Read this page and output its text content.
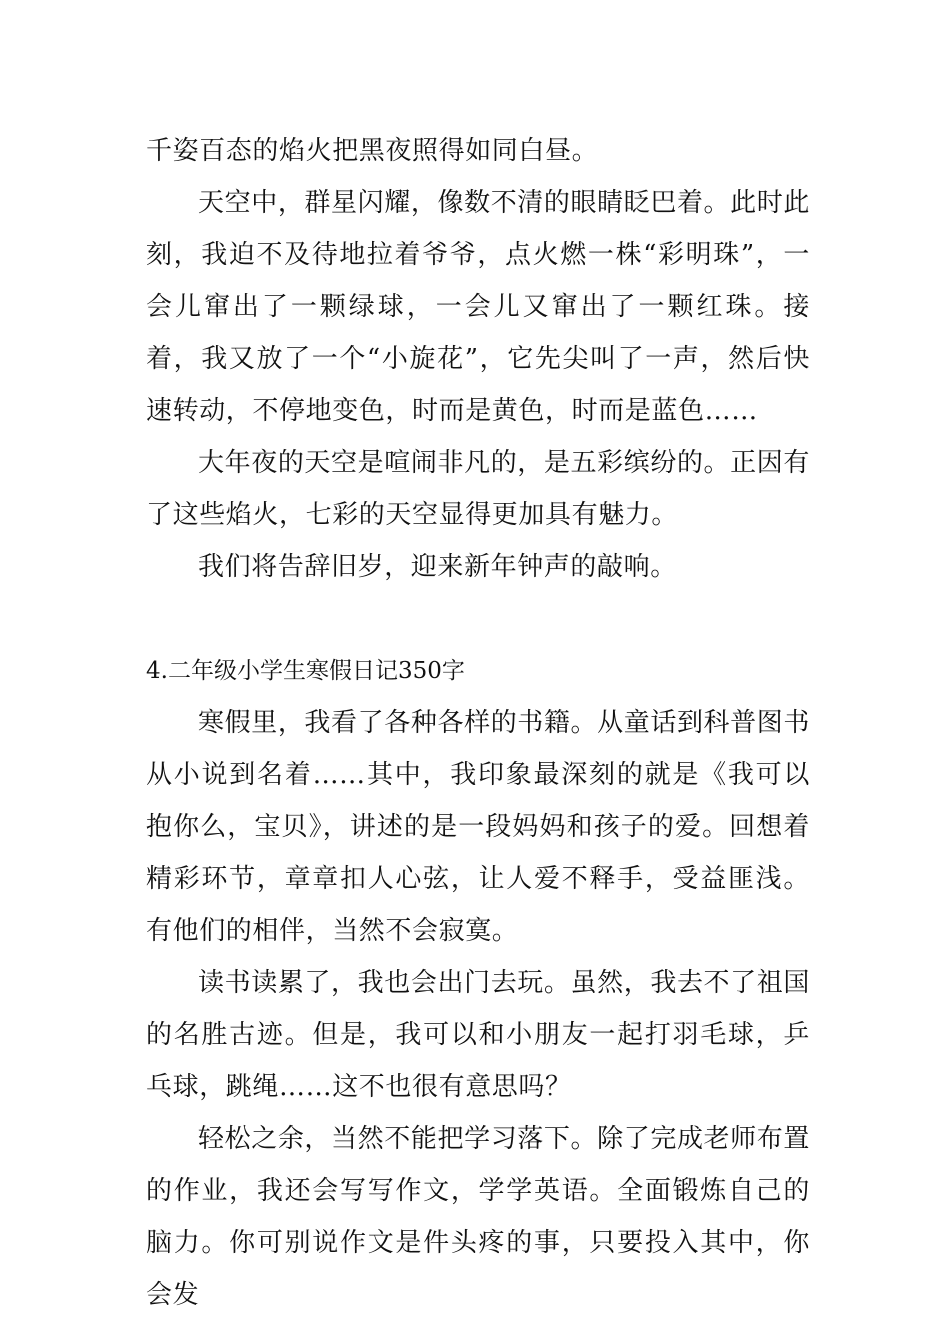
千姿百态的焰火把黑夜照得如同白昼。

天空中，群星闪耀，像数不清的眼睛眨巴着。此时此刻，我迫不及待地拉着爷爷，点火燃一株“彩明珠”，一会儿窜出了一颗绿球，一会儿又窜出了一颗红珠。接着，我又放了一个“小旋花”，它先尖叫了一声，然后快速转动，不停地变色，时而是黄色，时而是蓝色……

大年夜的天空是喧闹非凡的，是五彩缤纷的。正因有了这些焰火，七彩的天空显得更加具有魅力。

我们将告辞旧岁，迎来新年钟声的敲响。

4.二年级小学生寒假日记350字

寒假里，我看了各种各样的书籍。从童话到科普图书从小说到名着……其中，我印象最深刻的就是《我可以抱你么，宝贝》，讲述的是一段妈妈和孩子的爱。回想着精彩环节，章章扣人心弦，让人爱不释手，受益匪浅。有他们的相伴，当然不会寂寞。

读书读累了，我也会出门去玩。虽然，我去不了祖国的名胜古迹。但是，我可以和小朋友一起打羽毛球，乒乓球，跳绳……这不也很有意思吗？

轻松之余，当然不能把学习落下。除了完成老师布置的作业，我还会写写作文，学学英语。全面锻炼自己的脑力。你可别说作文是件头疼的事，只要投入其中，你会发
